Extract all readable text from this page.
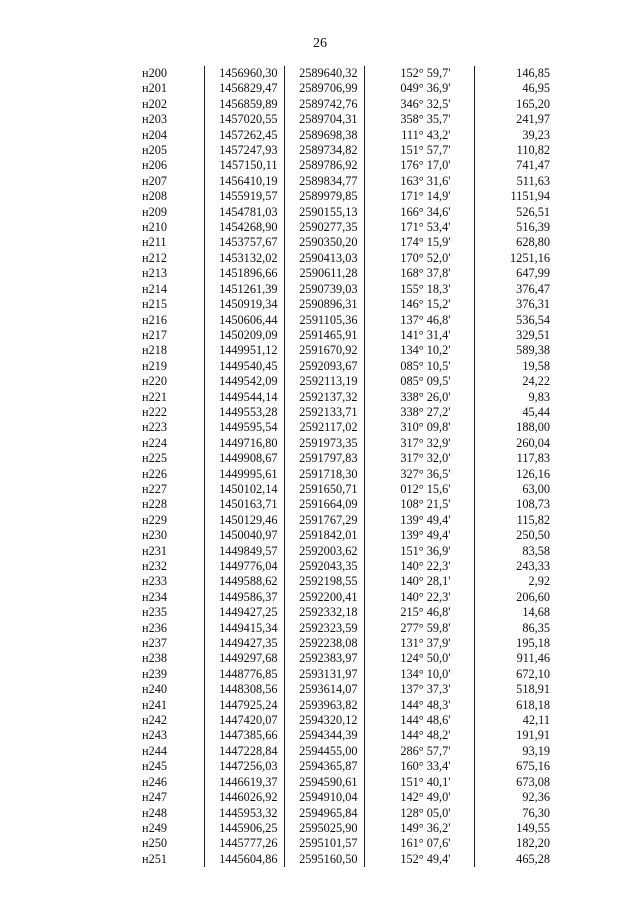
26
н200	1456960,30	2589640,32	152° 59,7'	146,85
н201	1456829,47	2589706,99	049° 36,9'	46,95
н202	1456859,89	2589742,76	346° 32,5'	165,20
н203	1457020,55	2589704,31	358° 35,7'	241,97
н204	1457262,45	2589698,38	111° 43,2'	39,23
н205	1457247,93	2589734,82	151° 57,7'	110,82
н206	1457150,11	2589786,92	176° 17,0'	741,47
н207	1456410,19	2589834,77	163° 31,6'	511,63
н208	1455919,57	2589979,85	171° 14,9'	1151,94
н209	1454781,03	2590155,13	166° 34,6'	526,51
н210	1454268,90	2590277,35	171° 53,4'	516,39
н211	1453757,67	2590350,20	174° 15,9'	628,80
н212	1453132,02	2590413,03	170° 52,0'	1251,16
н213	1451896,66	2590611,28	168° 37,8'	647,99
н214	1451261,39	2590739,03	155° 18,3'	376,47
н215	1450919,34	2590896,31	146° 15,2'	376,31
н216	1450606,44	2591105,36	137° 46,8'	536,54
н217	1450209,09	2591465,91	141° 31,4'	329,51
н218	1449951,12	2591670,92	134° 10,2'	589,38
н219	1449540,45	2592093,67	085° 10,5'	19,58
н220	1449542,09	2592113,19	085° 09,5'	24,22
н221	1449544,14	2592137,32	338° 26,0'	9,83
н222	1449553,28	2592133,71	338° 27,2'	45,44
н223	1449595,54	2592117,02	310° 09,8'	188,00
н224	1449716,80	2591973,35	317° 32,9'	260,04
н225	1449908,67	2591797,83	317° 32,0'	117,83
н226	1449995,61	2591718,30	327° 36,5'	126,16
н227	1450102,14	2591650,71	012° 15,6'	63,00
н228	1450163,71	2591664,09	108° 21,5'	108,73
н229	1450129,46	2591767,29	139° 49,4'	115,82
н230	1450040,97	2591842,01	139° 49,4'	250,50
н231	1449849,57	2592003,62	151° 36,9'	83,58
н232	1449776,04	2592043,35	140° 22,3'	243,33
н233	1449588,62	2592198,55	140° 28,1'	2,92
н234	1449586,37	2592200,41	140° 22,3'	206,60
н235	1449427,25	2592332,18	215° 46,8'	14,68
н236	1449415,34	2592323,59	277° 59,8'	86,35
н237	1449427,35	2592238,08	131° 37,9'	195,18
н238	1449297,68	2592383,97	124° 50,0'	911,46
н239	1448776,85	2593131,97	134° 10,0'	672,10
н240	1448308,56	2593614,07	137° 37,3'	518,91
н241	1447925,24	2593963,82	144° 48,3'	618,18
н242	1447420,07	2594320,12	144° 48,6'	42,11
н243	1447385,66	2594344,39	144° 48,2'	191,91
н244	1447228,84	2594455,00	286° 57,7'	93,19
н245	1447256,03	2594365,87	160° 33,4'	675,16
н246	1446619,37	2594590,61	151° 40,1'	673,08
н247	1446026,92	2594910,04	142° 49,0'	92,36
н248	1445953,32	2594965,84	128° 05,0'	76,30
н249	1445906,25	2595025,90	149° 36,2'	149,55
н250	1445777,26	2595101,57	161° 07,6'	182,20
н251	1445604,86	2595160,50	152° 49,4'	465,28
